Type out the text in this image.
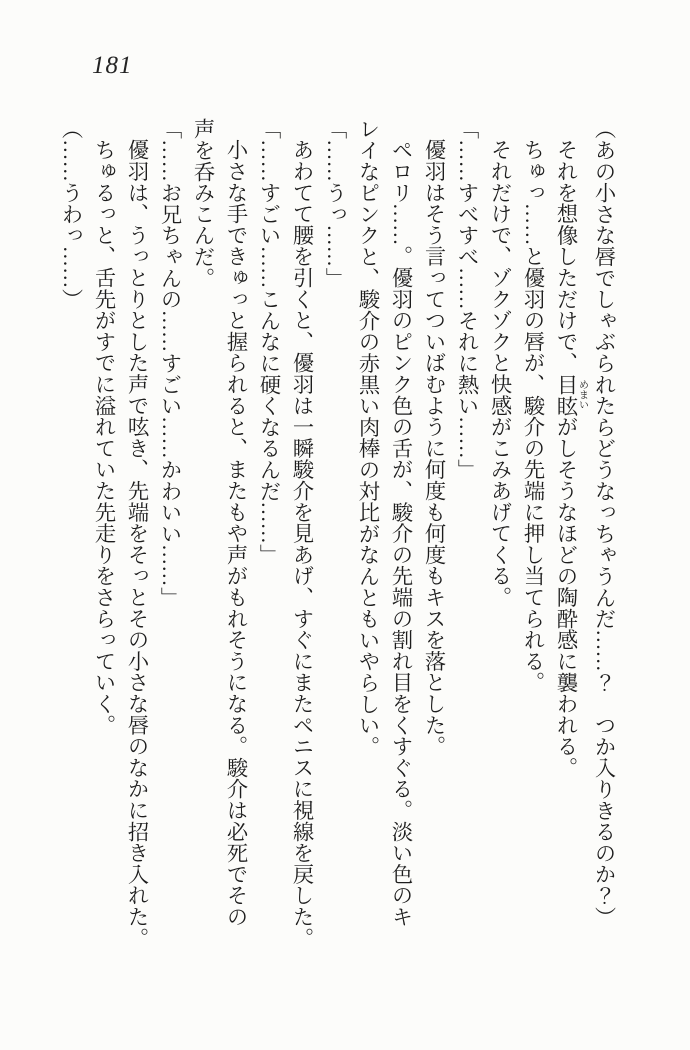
181

（あの小さな唇でしゃぶられたらどうなっちゃうんだ……？　つか入りきるのか？）

それを想像しただけで、目眩めまいがしそうなほどの陶酔感に襲われる。

ちゅっ……と優羽の唇が、駿介の先端に押し当てられる。

それだけで、ゾクゾクと快感がこみあげてくる。

「……すべすべ……それに熱い……」

優羽はそう言ってついばむように何度も何度もキスを落とした。

ペロリ……。優羽のピンク色の舌が、駿介の先端の割れ目をくすぐる。淡い色のキ

レイなピンクと、駿介の赤黒い肉棒の対比がなんともいやらしい。

「……うっ……」

あわてて腰を引くと、優羽は一瞬駿介を見あげ、すぐにまたペニスに視線を戻した。

「……すごい……こんなに硬くなるんだ……」

小さな手できゅっと握られると、またもや声がもれそうになる。駿介は必死でその

声を呑みこんだ。

「……お兄ちゃんの……すごい……かわいい……」

優羽は、うっとりとした声で呟き、先端をそっとその小さな唇のなかに招き入れた。

ちゅるっと、舌先がすでに溢れていた先走りをさらっていく。

（……うわっ……）
